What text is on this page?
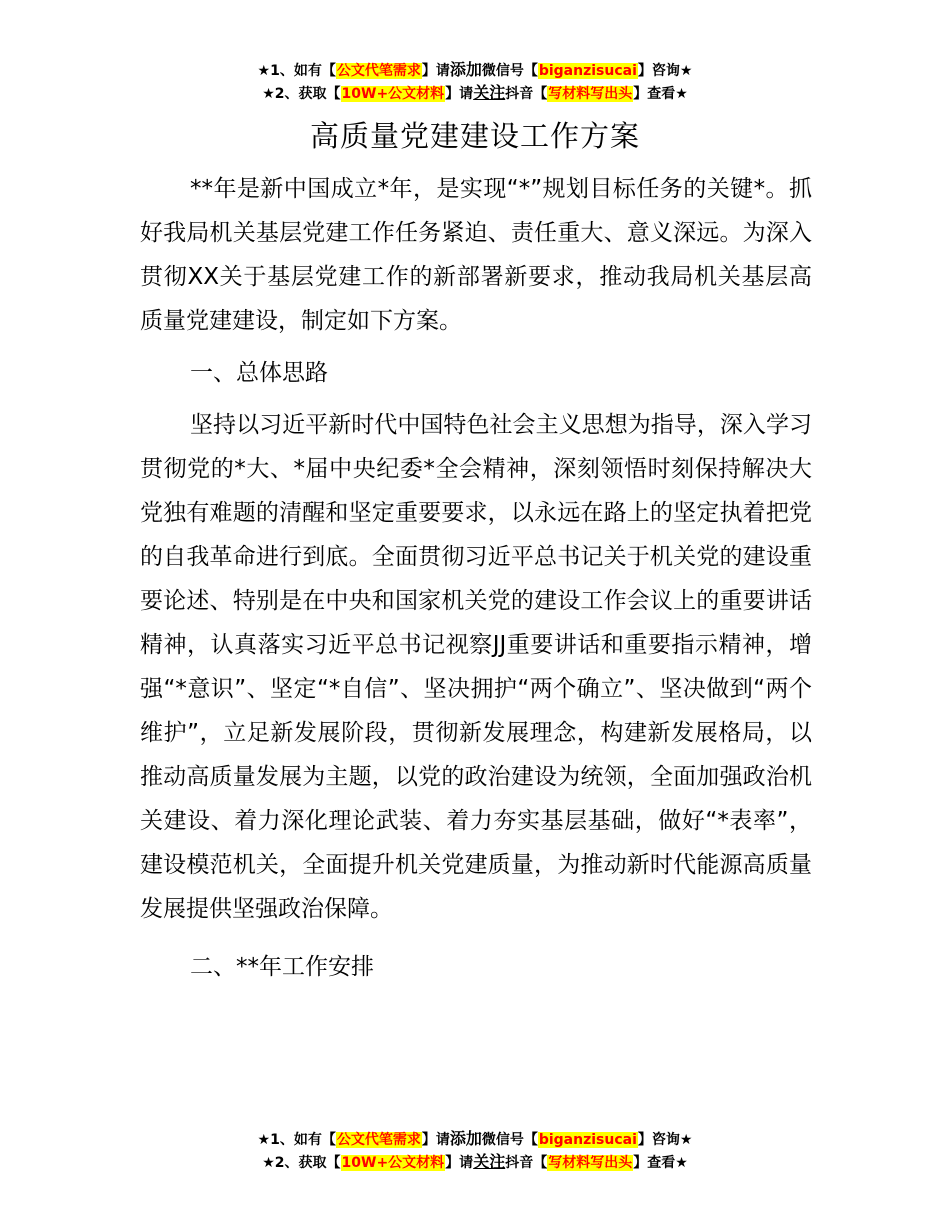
★1、如有【公文代笔需求】请添加微信号【biganzisucai】咨询★
★2、获取【10W+公文材料】请关注抖音【写材料写出头】查看★
高质量党建建设工作方案

**年是新中国成立*年，是实现“*”规划目标任务的关键*。抓好我局机关基层党建工作任务紧迫、责任重大、意义深远。为深入贯彻XX关于基层党建工作的新部署新要求，推动我局机关基层高质量党建建设，制定如下方案。

一、总体思路

坚持以习近平新时代中国特色社会主义思想为指导，深入学习贯彻党的*大、*届中央纪委*全会精神，深刻领悟时刻保持解决大党独有难题的清醒和坚定重要要求，以永远在路上的坚定执着把党的自我革命进行到底。全面贯彻习近平总书记关于机关党的建设重要论述、特别是在中央和国家机关党的建设工作会议上的重要讲话精神，认真落实习近平总书记视察JJ重要讲话和重要指示精神，增强“*意识”、坚定“*自信”、坚决拥护“两个确立”、坚决做到“两个维护”，立足新发展阶段，贯彻新发展理念，构建新发展格局，以推动高质量发展为主题，以党的政治建设为统领，全面加强政治机关建设、着力深化理论武装、着力夯实基层基础，做好“*表率”，建设模范机关，全面提升机关党建质量，为推动新时代能源高质量发展提供坚强政治保障。

二、**年工作安排

★1、如有【公文代笔需求】请添加微信号【biganzisucai】咨询★
★2、获取【10W+公文材料】请关注抖音【写材料写出头】查看★
